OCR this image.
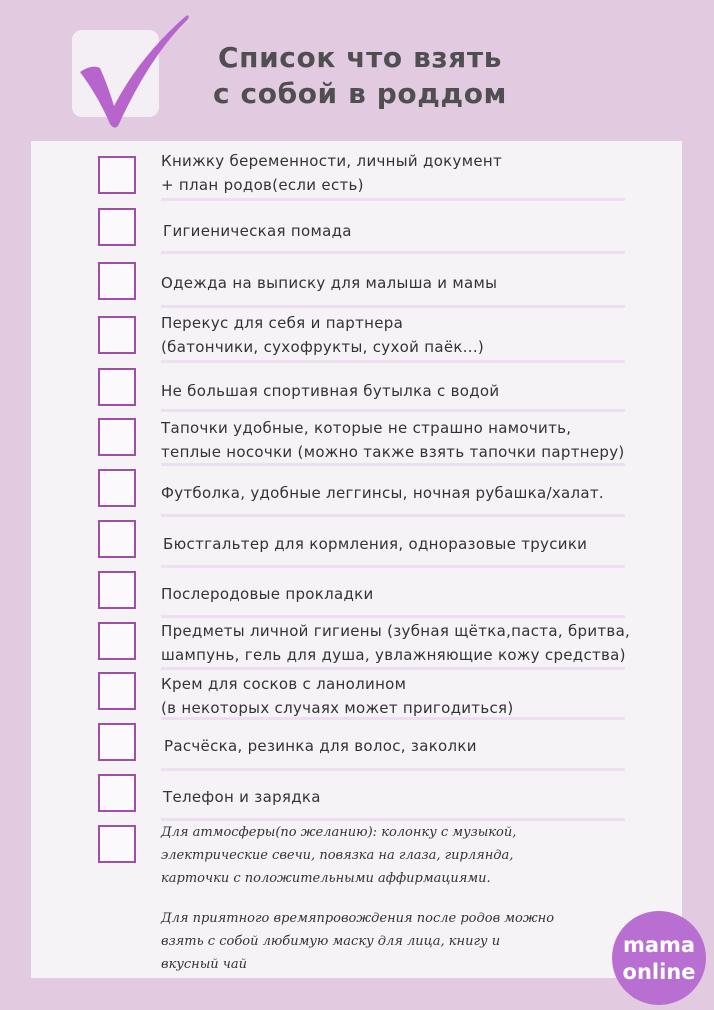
Список что взять
с собой в роддом
Книжку беременности, личный документ
+ план родов(если есть)
Гигиеническая помада
Одежда на выписку для малыша и мамы
Перекус для себя и партнера
(батончики, сухофрукты, сухой паёк...)
Не большая спортивная бутылка с водой
Тапочки удобные, которые не страшно намочить,
теплые носочки (можно также взять тапочки партнеру)
Футболка, удобные леггинсы, ночная рубашка/халат.
Бюстгальтер для кормления, одноразовые трусики
Послеродовые прокладки
Предметы личной гигиены (зубная щётка,паста, бритва,
шампунь, гель для душа, увлажняющие кожу средства)
Крем для сосков с ланолином
(в некоторых случаях может пригодиться)
Расчёска, резинка для волос, заколки
Телефон и зарядка
Для атмосферы(по желанию): колонку с музыкой,
электрические свечи, повязка на глаза, гирлянда,
карточки с положительными аффирмациями.
Для приятного времяпровождения после родов можно
взять с собой любимую маску для лица, книгу и
вкусный чай
mama
online
